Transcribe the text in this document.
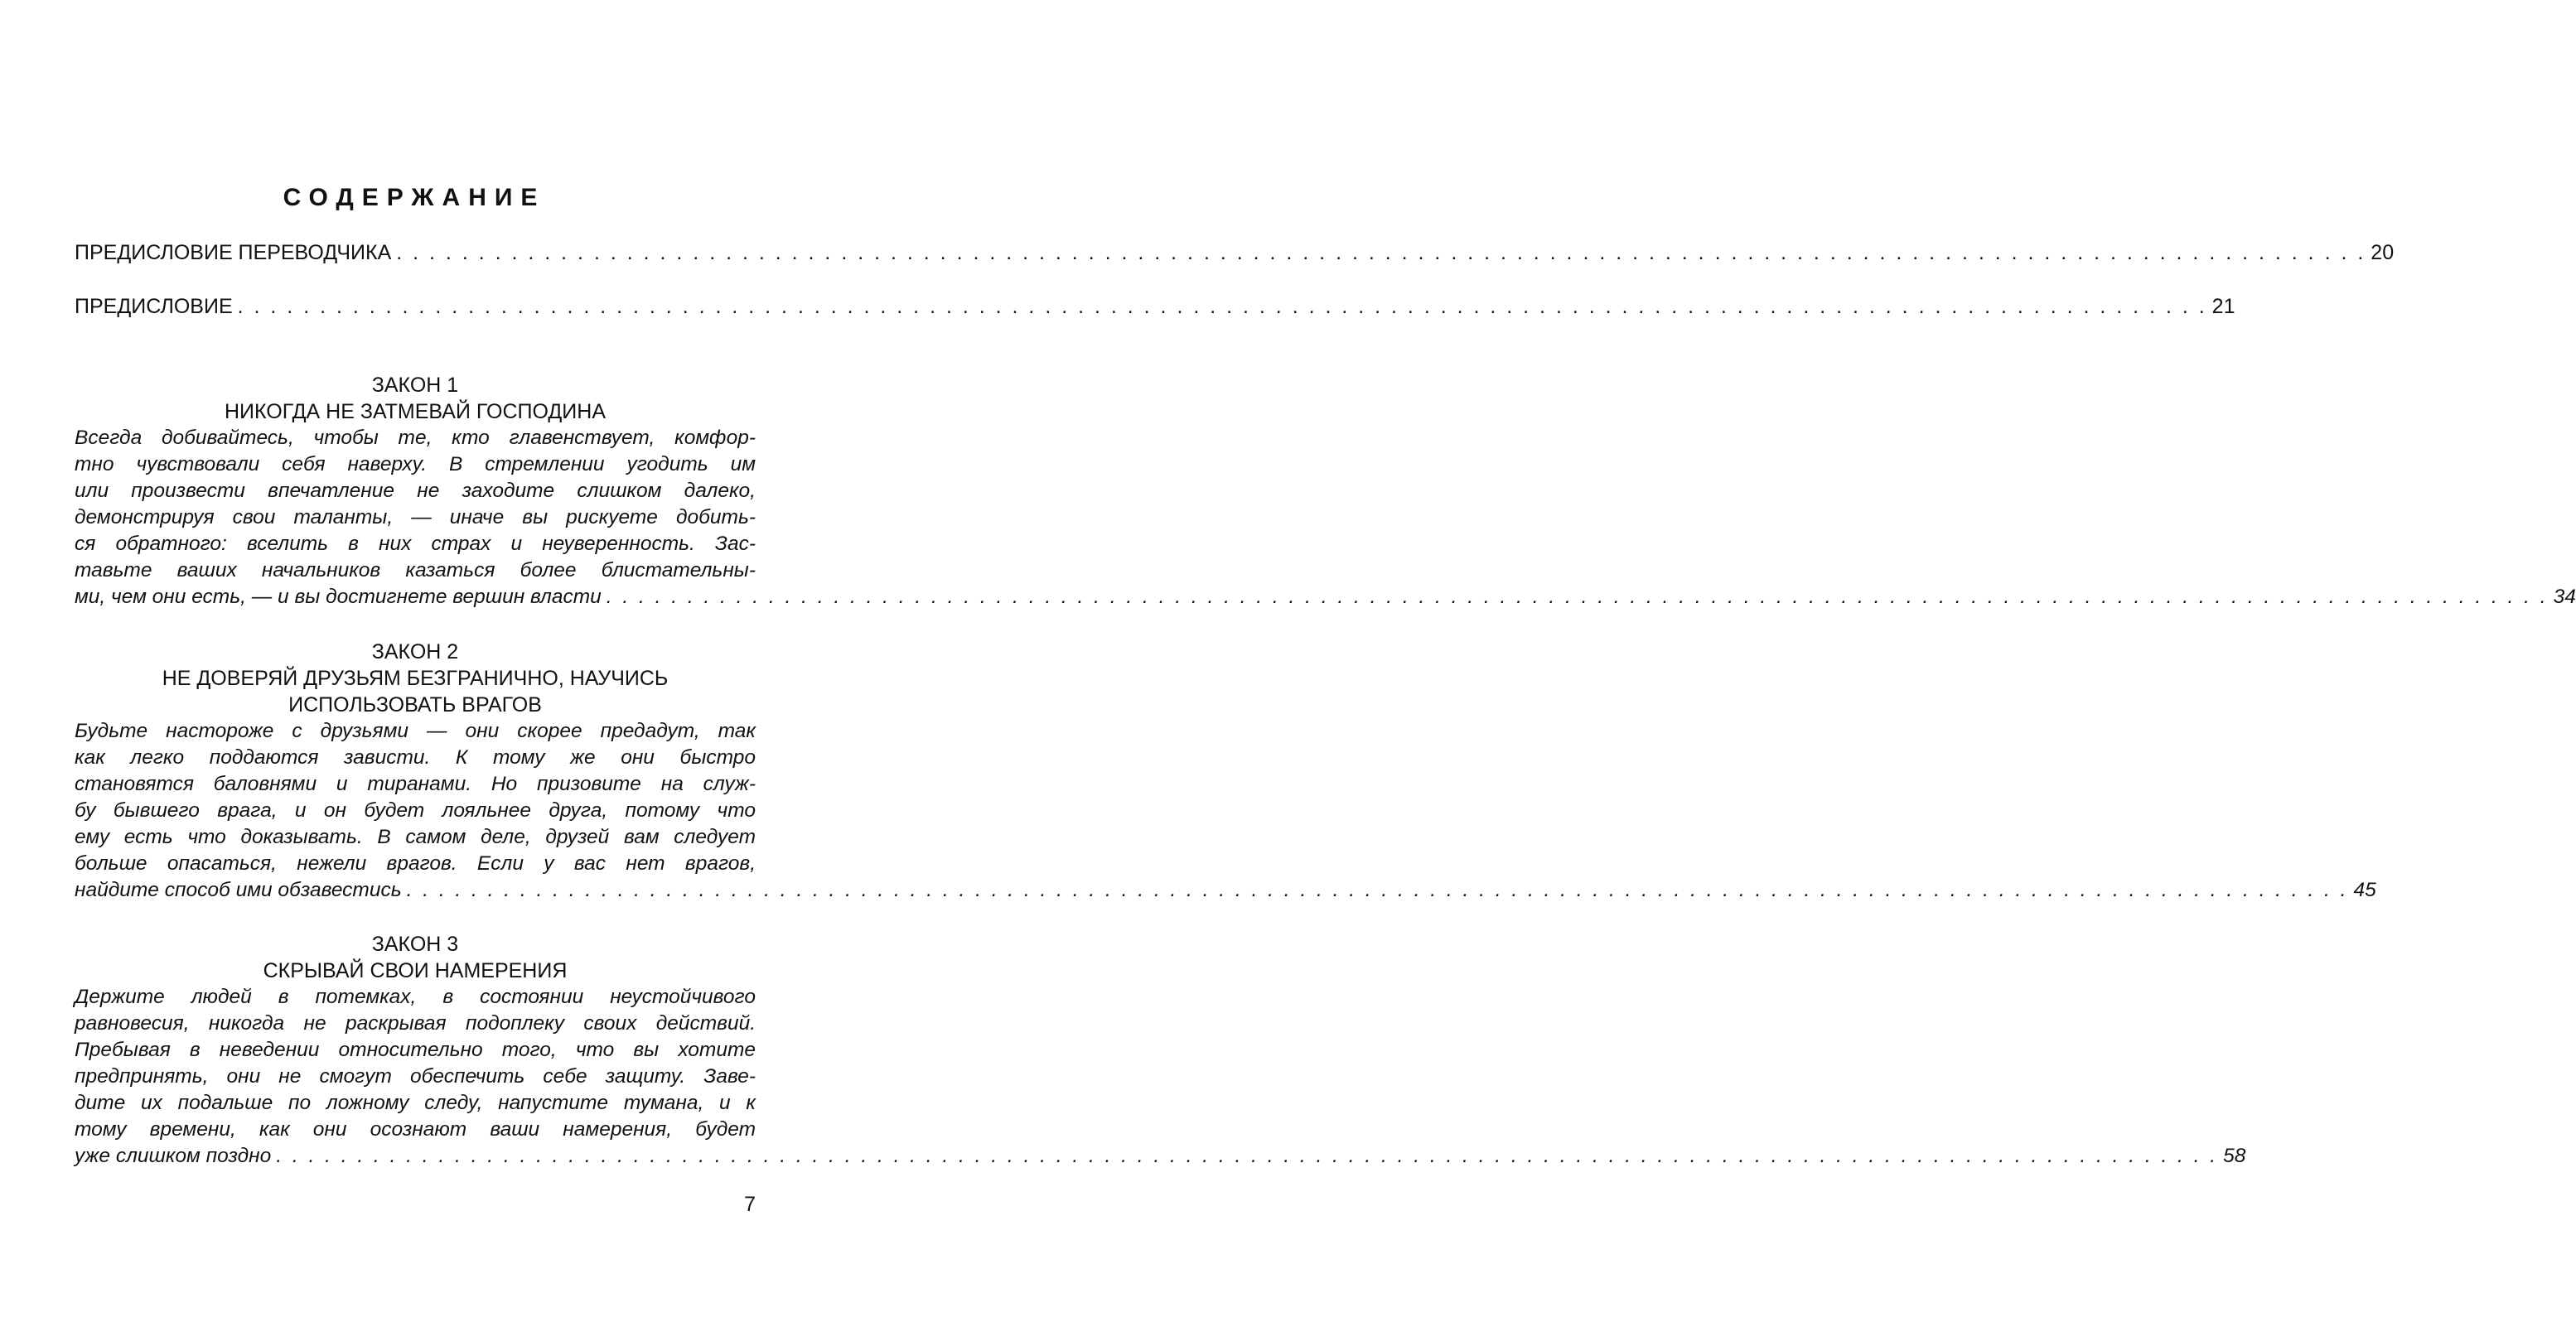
СОДЕРЖАНИЕ
ПРЕДИСЛОВИЕ ПЕРЕВОДЧИКА . . . . . . . . . . . . . . . . . . . . . . . . . . . . . . . . . . . . . . . . . . . . . . . . . . . . . . . . . . . . . . . . . . . . . . . . . . . . . . . . . . . . . . . . . . . . . . . . . . . . . . . . . . . . . . . . . . . . . . . . 20
ПРЕДИСЛОВИЕ . . . . . . . . . . . . . . . . . . . . . . . . . . . . . . . . . . . . . . . . . . . . . . . . . . . . . . . . . . . . . . . . . . . . . . . . . . . . . . . . . . . . . . . . . . . . . . . . . . . . . . . . . . . . . . . . . . . . . . . . 21
ЗАКОН 1
НИКОГДА НЕ ЗАТМЕВАЙ ГОСПОДИНА
Всегда добивайтесь, чтобы те, кто главенствует, комфор-
тно чувствовали себя наверху. В стремлении угодить им
или произвести впечатление не заходите слишком далеко,
демонстрируя свои таланты, — иначе вы рискуете добить-
ся обратного: вселить в них страх и неуверенность. Зас-
тавьте ваших начальников казаться более блистательны-
ми, чем они есть, — и вы достигнете вершин власти . . . . . . . . . . . . . . . . . . . . . . . . . . . . . . . . . . . . . . . . . . . . . . . . . . . . . . . . . . . . . . . . . . . . . . . . . . . . . . . . . . . . . . . . . . . . . . . . . . . . . . . . . . . . . . . . . . . . . . . . 34
ЗАКОН 2
НЕ ДОВЕРЯЙ ДРУЗЬЯМ БЕЗГРАНИЧНО, НАУЧИСЬ
ИСПОЛЬЗОВАТЬ ВРАГОВ
Будьте настороже с друзьями — они скорее предадут, так
как легко поддаются зависти. К тому же они быстро
становятся баловнями и тиранами. Но призовите на служ-
бу бывшего врага, и он будет лояльнее друга, потому что
ему есть что доказывать. В самом деле, друзей вам следует
больше опасаться, нежели врагов. Если у вас нет врагов,
найдите способ ими обзавестись . . . . . . . . . . . . . . . . . . . . . . . . . . . . . . . . . . . . . . . . . . . . . . . . . . . . . . . . . . . . . . . . . . . . . . . . . . . . . . . . . . . . . . . . . . . . . . . . . . . . . . . . . . . . . . . . . . . . . . . . 45
ЗАКОН 3
СКРЫВАЙ СВОИ НАМЕРЕНИЯ
Держите людей в потемках, в состоянии неустойчивого
равновесия, никогда не раскрывая подоплеку своих действий.
Пребывая в неведении относительно того, что вы хотите
предпринять, они не смогут обеспечить себе защиту. Заве-
дите их подальше по ложному следу, напустите тумана, и к
тому времени, как они осознают ваши намерения, будет
уже слишком поздно . . . . . . . . . . . . . . . . . . . . . . . . . . . . . . . . . . . . . . . . . . . . . . . . . . . . . . . . . . . . . . . . . . . . . . . . . . . . . . . . . . . . . . . . . . . . . . . . . . . . . . . . . . . . . . . . . . . . . . . . 58
7
